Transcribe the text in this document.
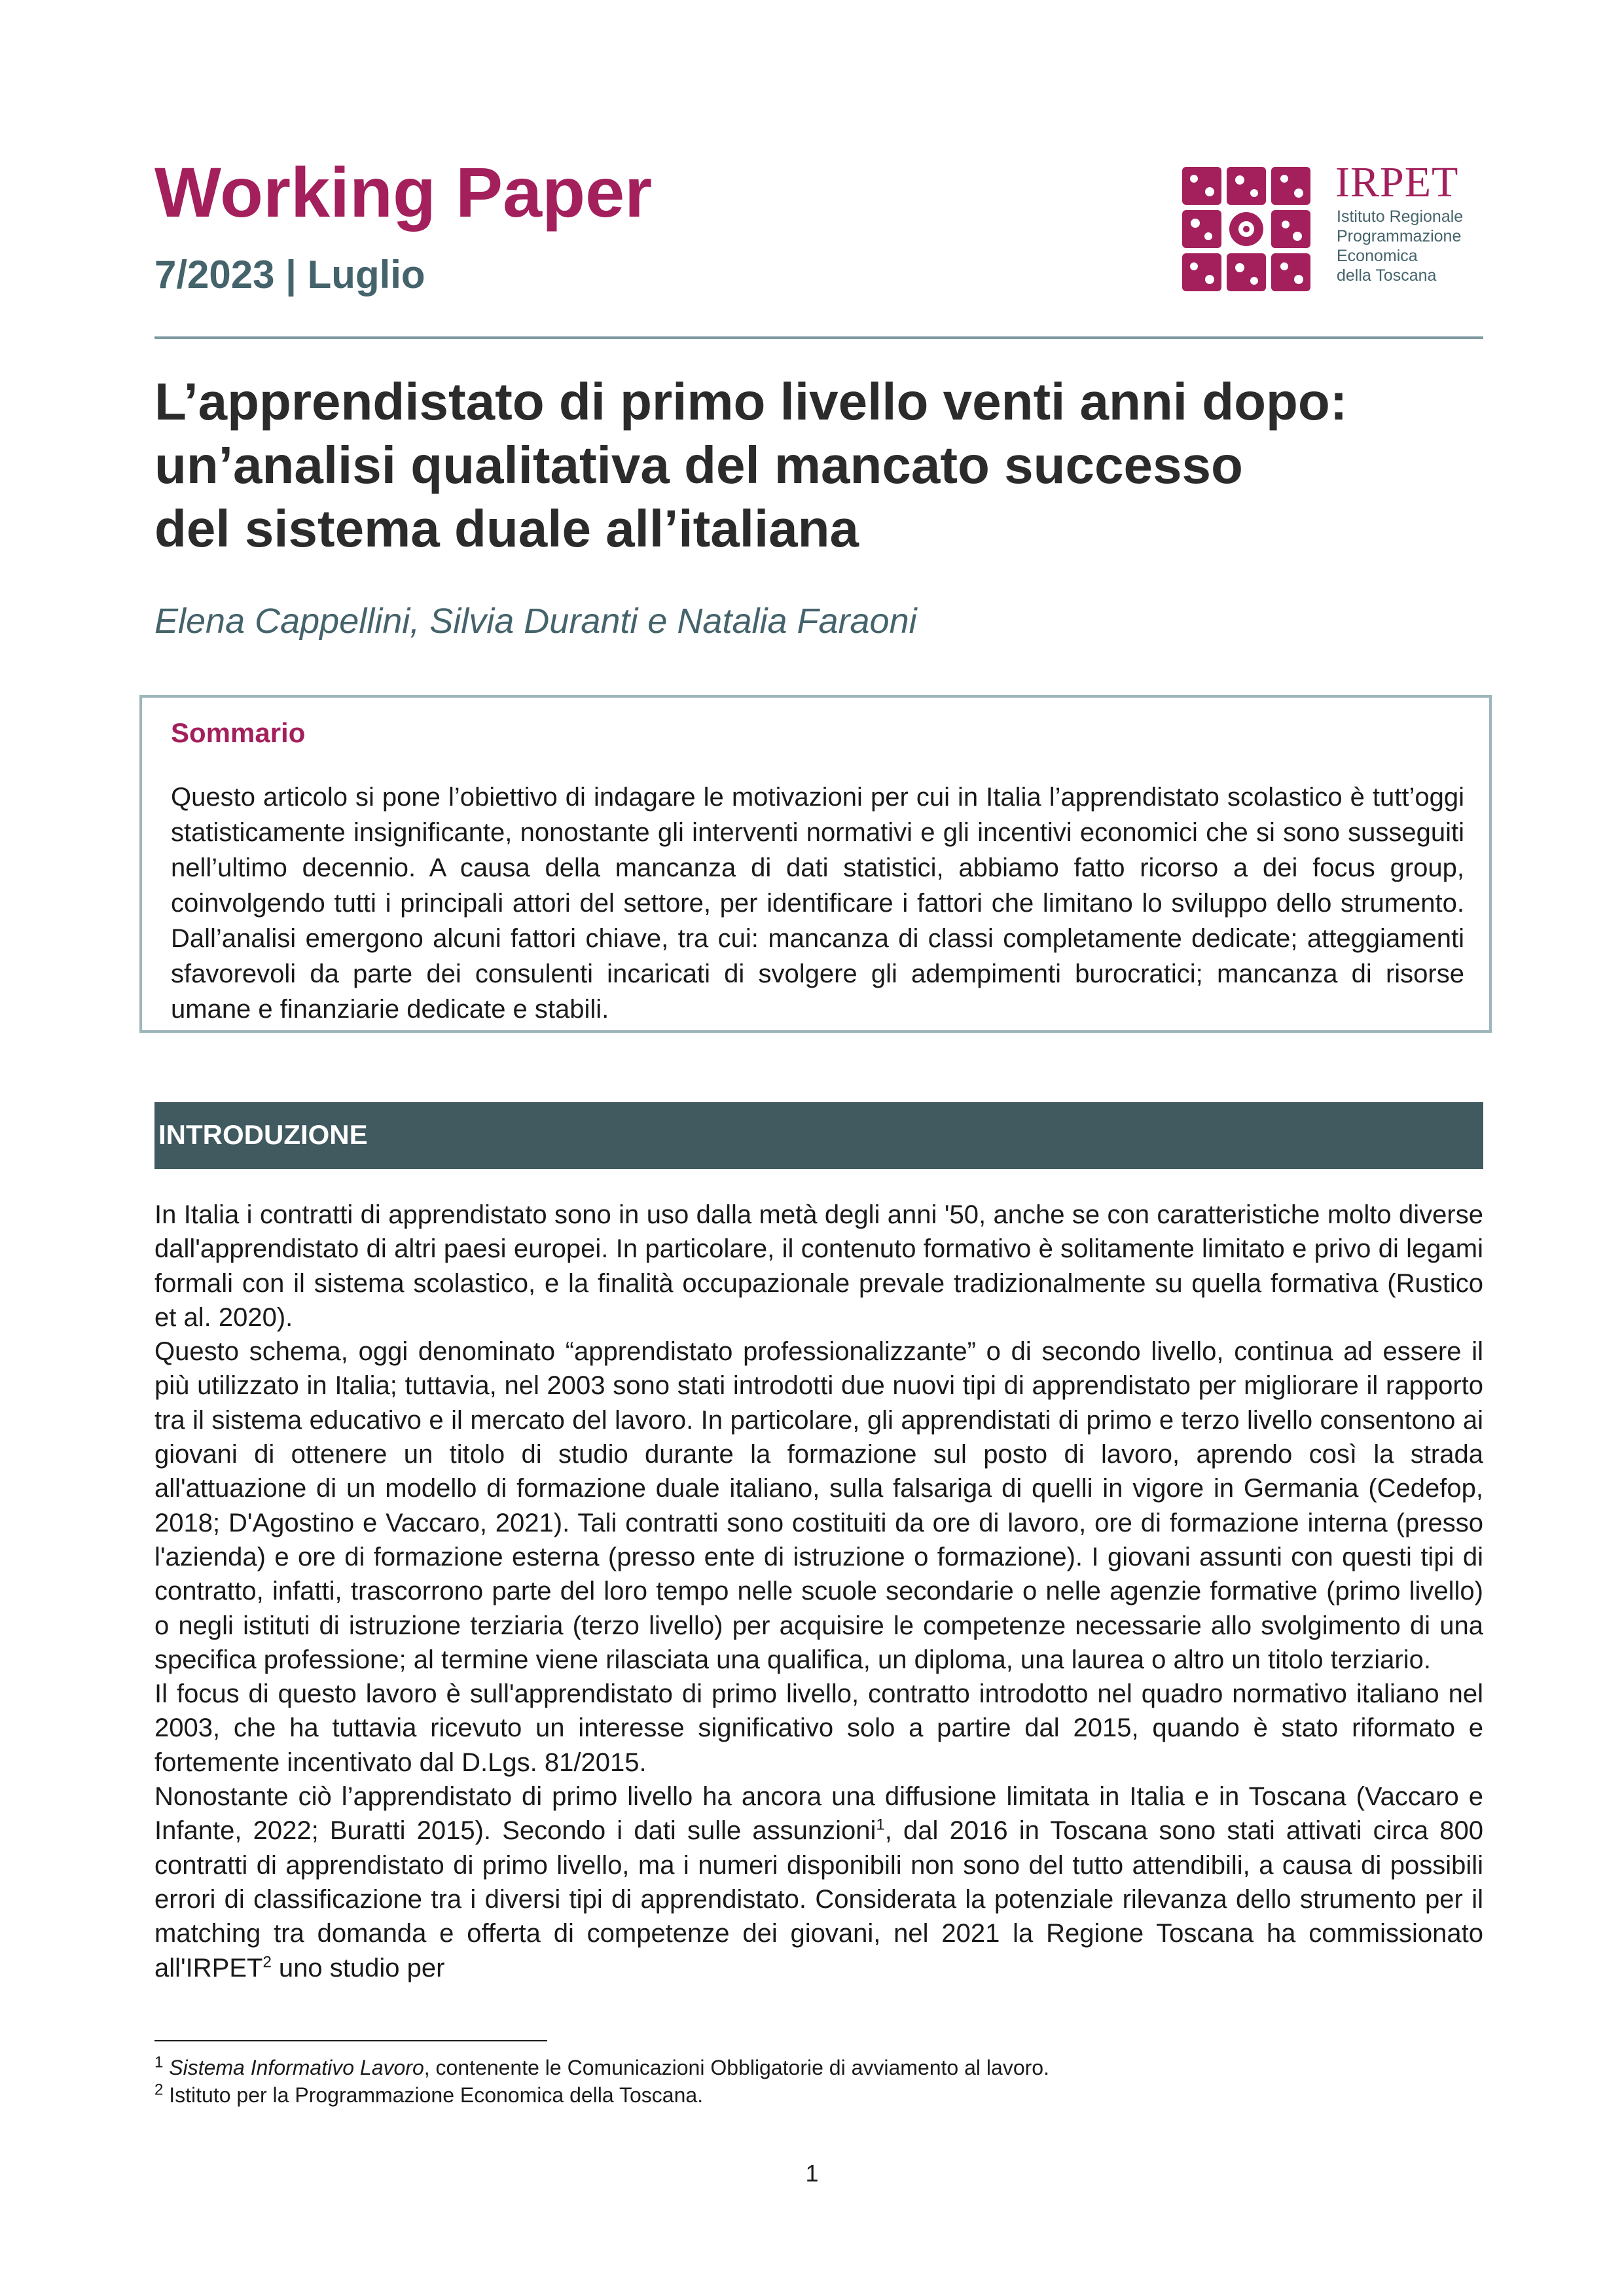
Working Paper
7/2023 | Luglio
IRPET
Istituto Regionale
Programmazione
Economica
della Toscana
L’apprendistato di primo livello venti anni dopo:
un’analisi qualitativa del mancato successo
del sistema duale all’italiana
Elena Cappellini, Silvia Duranti e Natalia Faraoni
Sommario
Questo articolo si pone l’obiettivo di indagare le motivazioni per cui in Italia l’apprendistato scolastico è tutt’oggi statisticamente insignificante, nonostante gli interventi normativi e gli incentivi economici che si sono susseguiti nell’ultimo decennio. A causa della mancanza di dati statistici, abbiamo fatto ricorso a dei focus group, coinvolgendo tutti i principali attori del settore, per identificare i fattori che limitano lo sviluppo dello strumento. Dall’analisi emergono alcuni fattori chiave, tra cui: mancanza di classi completamente dedicate; atteggiamenti sfavorevoli da parte dei consulenti incaricati di svolgere gli adempimenti burocratici; mancanza di risorse umane e finanziarie dedicate e stabili.
INTRODUZIONE

In Italia i contratti di apprendistato sono in uso dalla metà degli anni '50, anche se con caratteristiche molto diverse dall'apprendistato di altri paesi europei. In particolare, il contenuto formativo è solitamente limitato e privo di legami formali con il sistema scolastico, e la finalità occupazionale prevale tradizionalmente su quella formativa (Rustico et al. 2020).

Questo schema, oggi denominato “apprendistato professionalizzante” o di secondo livello, continua ad essere il più utilizzato in Italia; tuttavia, nel 2003 sono stati introdotti due nuovi tipi di apprendistato per migliorare il rapporto tra il sistema educativo e il mercato del lavoro. In particolare, gli apprendistati di primo e terzo livello consentono ai giovani di ottenere un titolo di studio durante la formazione sul posto di lavoro, aprendo così la strada all'attuazione di un modello di formazione duale italiano, sulla falsariga di quelli in vigore in Germania (Cedefop, 2018; D'Agostino e Vaccaro, 2021). Tali contratti sono costituiti da ore di lavoro, ore di formazione interna (presso l'azienda) e ore di formazione esterna (presso ente di istruzione o formazione). I giovani assunti con questi tipi di contratto, infatti, trascorrono parte del loro tempo nelle scuole secondarie o nelle agenzie formative (primo livello) o negli istituti di istruzione terziaria (terzo livello) per acquisire le competenze necessarie allo svolgimento di una specifica professione; al termine viene rilasciata una qualifica, un diploma, una laurea o altro un titolo terziario.

Il focus di questo lavoro è sull'apprendistato di primo livello, contratto introdotto nel quadro normativo italiano nel 2003, che ha tuttavia ricevuto un interesse significativo solo a partire dal 2015, quando è stato riformato e fortemente incentivato dal D.Lgs. 81/2015.

Nonostante ciò l’apprendistato di primo livello ha ancora una diffusione limitata in Italia e in Toscana (Vaccaro e Infante, 2022; Buratti 2015). Secondo i dati sulle assunzioni$^1$, dal 2016 in Toscana sono stati attivati circa 800 contratti di apprendistato di primo livello, ma i numeri disponibili non sono del tutto attendibili, a causa di possibili errori di classificazione tra i diversi tipi di apprendistato. Considerata la potenziale rilevanza dello strumento per il matching tra domanda e offerta di competenze dei giovani, nel 2021 la Regione Toscana ha commissionato all'IRPET$^2$ uno studio per

$^1$ Sistema Informativo Lavoro, contenente le Comunicazioni Obbligatorie di avviamento al lavoro.
$^2$ Istituto per la Programmazione Economica della Toscana.
1
